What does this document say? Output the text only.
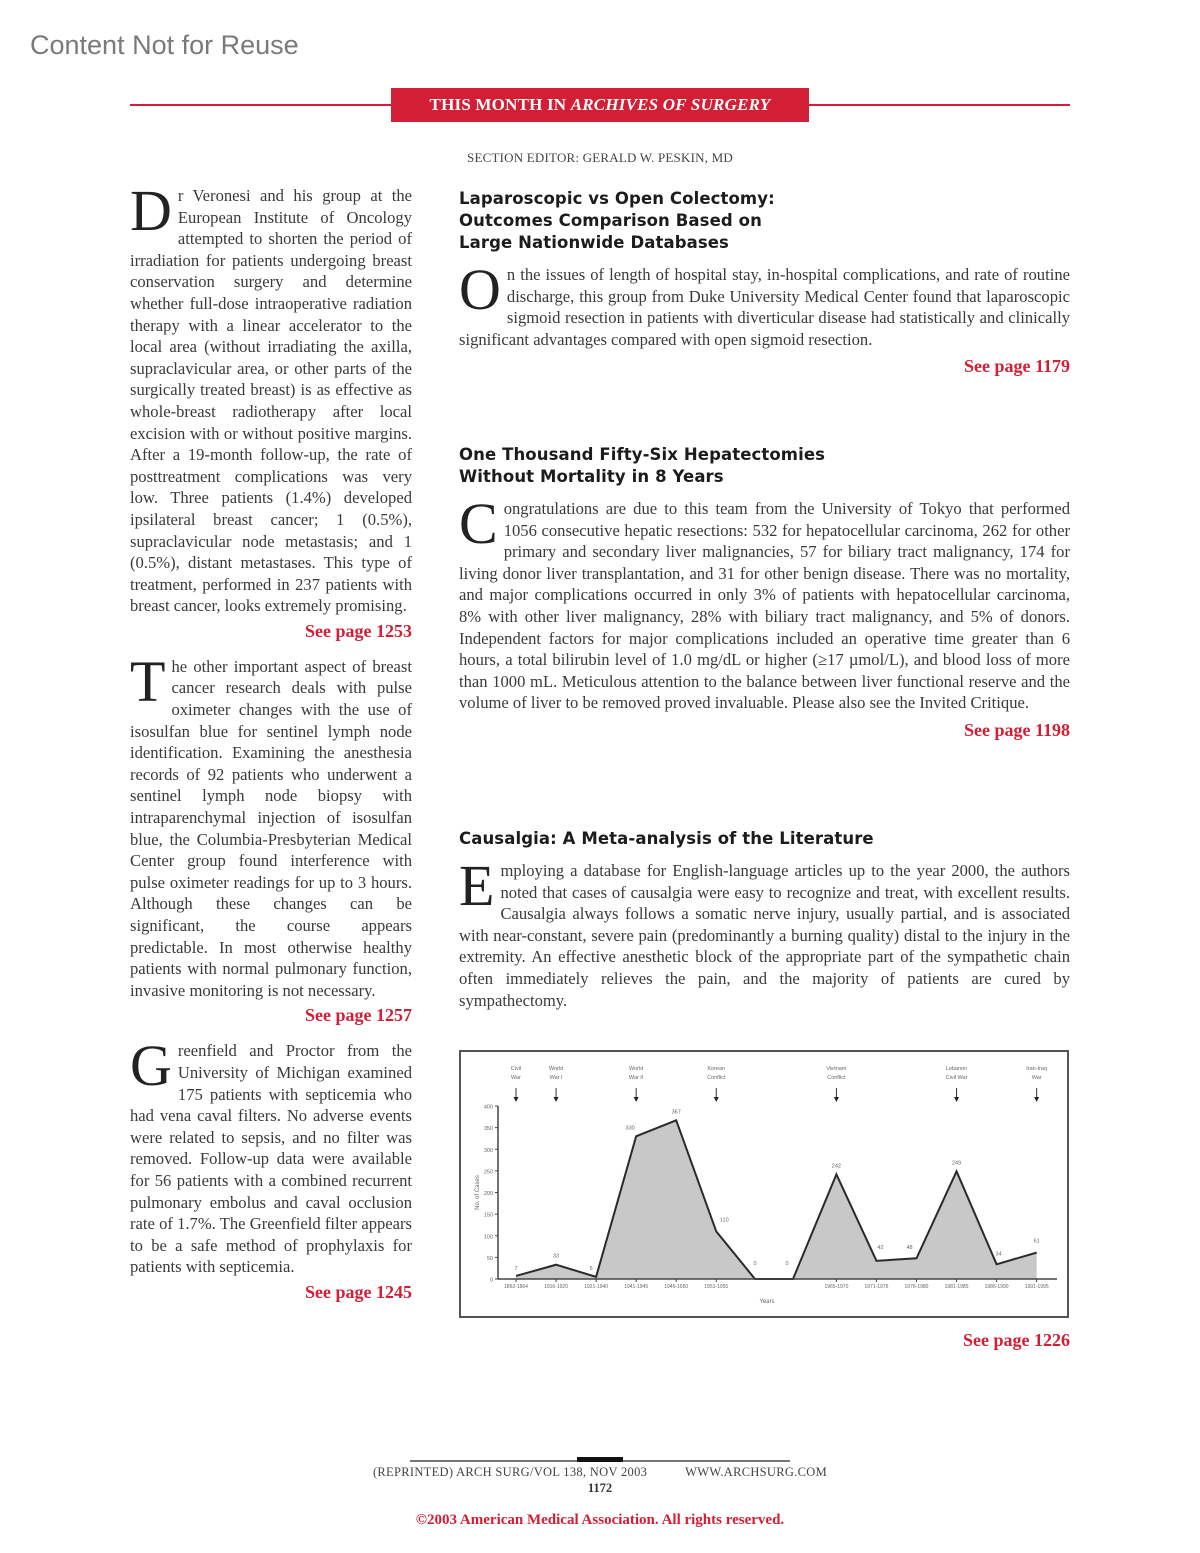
Content Not for Reuse
THIS MONTH IN ARCHIVES OF SURGERY
SECTION EDITOR: GERALD W. PESKIN, MD

Dr Veronesi and his group at the European Institute of Oncology attempted to shorten the period of irradiation for patients undergoing breast conservation surgery and determine whether full-dose intraoperative radiation therapy with a linear accelerator to the local area (without irradiating the axilla, supraclavicular area, or other parts of the surgically treated breast) is as effective as whole-breast radiotherapy after local excision with or without positive margins. After a 19-month follow-up, the rate of posttreatment complications was very low. Three patients (1.4%) developed ipsilateral breast cancer; 1 (0.5%), supraclavicular node metastasis; and 1 (0.5%), distant metastases. This type of treatment, performed in 237 patients with breast cancer, looks extremely promising.

See page 1253

The other important aspect of breast cancer research deals with pulse oximeter changes with the use of isosulfan blue for sentinel lymph node identification. Examining the anesthesia records of 92 patients who underwent a sentinel lymph node biopsy with intraparenchymal injection of isosulfan blue, the Columbia-Presbyterian Medical Center group found interference with pulse oximeter readings for up to 3 hours. Although these changes can be significant, the course appears predictable. In most otherwise healthy patients with normal pulmonary function, invasive monitoring is not necessary.

See page 1257

Greenfield and Proctor from the University of Michigan examined 175 patients with septicemia who had vena caval filters. No adverse events were related to sepsis, and no filter was removed. Follow-up data were available for 56 patients with a combined recurrent pulmonary embolus and caval occlusion rate of 1.7%. The Greenfield filter appears to be a safe method of prophylaxis for patients with septicemia.

See page 1245
Laparoscopic vs Open Colectomy: Outcomes Comparison Based on Large Nationwide Databases

On the issues of length of hospital stay, in-hospital complications, and rate of routine discharge, this group from Duke University Medical Center found that laparoscopic sigmoid resection in patients with diverticular disease had statistically and clinically significant advantages compared with open sigmoid resection.

See page 1179
One Thousand Fifty-Six Hepatectomies Without Mortality in 8 Years

Congratulations are due to this team from the University of Tokyo that performed 1056 consecutive hepatic resections: 532 for hepatocellular carcinoma, 262 for other primary and secondary liver malignancies, 57 for biliary tract malignancy, 174 for living donor liver transplantation, and 31 for other benign disease. There was no mortality, and major complications occurred in only 3% of patients with hepatocellular carcinoma, 8% with other liver malignancy, 28% with biliary tract malignancy, and 5% of donors. Independent factors for major complications included an operative time greater than 6 hours, a total bilirubin level of 1.0 mg/dL or higher (≥17 µmol/L), and blood loss of more than 1000 mL. Meticulous attention to the balance between liver functional reserve and the volume of liver to be removed proved invaluable. Please also see the Invited Critique.

See page 1198
Causalgia: A Meta-analysis of the Literature

Employing a database for English-language articles up to the year 2000, the authors noted that cases of causalgia were easy to recognize and treat, with excellent results. Causalgia always follows a somatic nerve injury, usually partial, and is associated with near-constant, severe pain (predominantly a burning quality) distal to the injury in the extremity. An effective anesthetic block of the appropriate part of the sympathetic chain often immediately relieves the pain, and the majority of patients are cured by sympathectomy.

See page 1226
0
50
100
150
200
250
300
350
400
No. of Cases
1862-1864	1916-1920	1921-1940	1941-1945	1946-1950	1951-1955	1965-1970	1971-1975	1976-1980	1981-1985	1986-1990	1991-1995
Years
7
33
5
330
367
110
0	0
242
42	48
249
34
61
Civil
War
World
War I
World
War II
Korean
Conflict
Vietnam
Conflict
Lebanon
Civil War
Iran-Iraq
War
(REPRINTED) ARCH SURG/VOL 138, NOV 2003	WWW.ARCHSURG.COM
1172
©2003 American Medical Association. All rights reserved.
